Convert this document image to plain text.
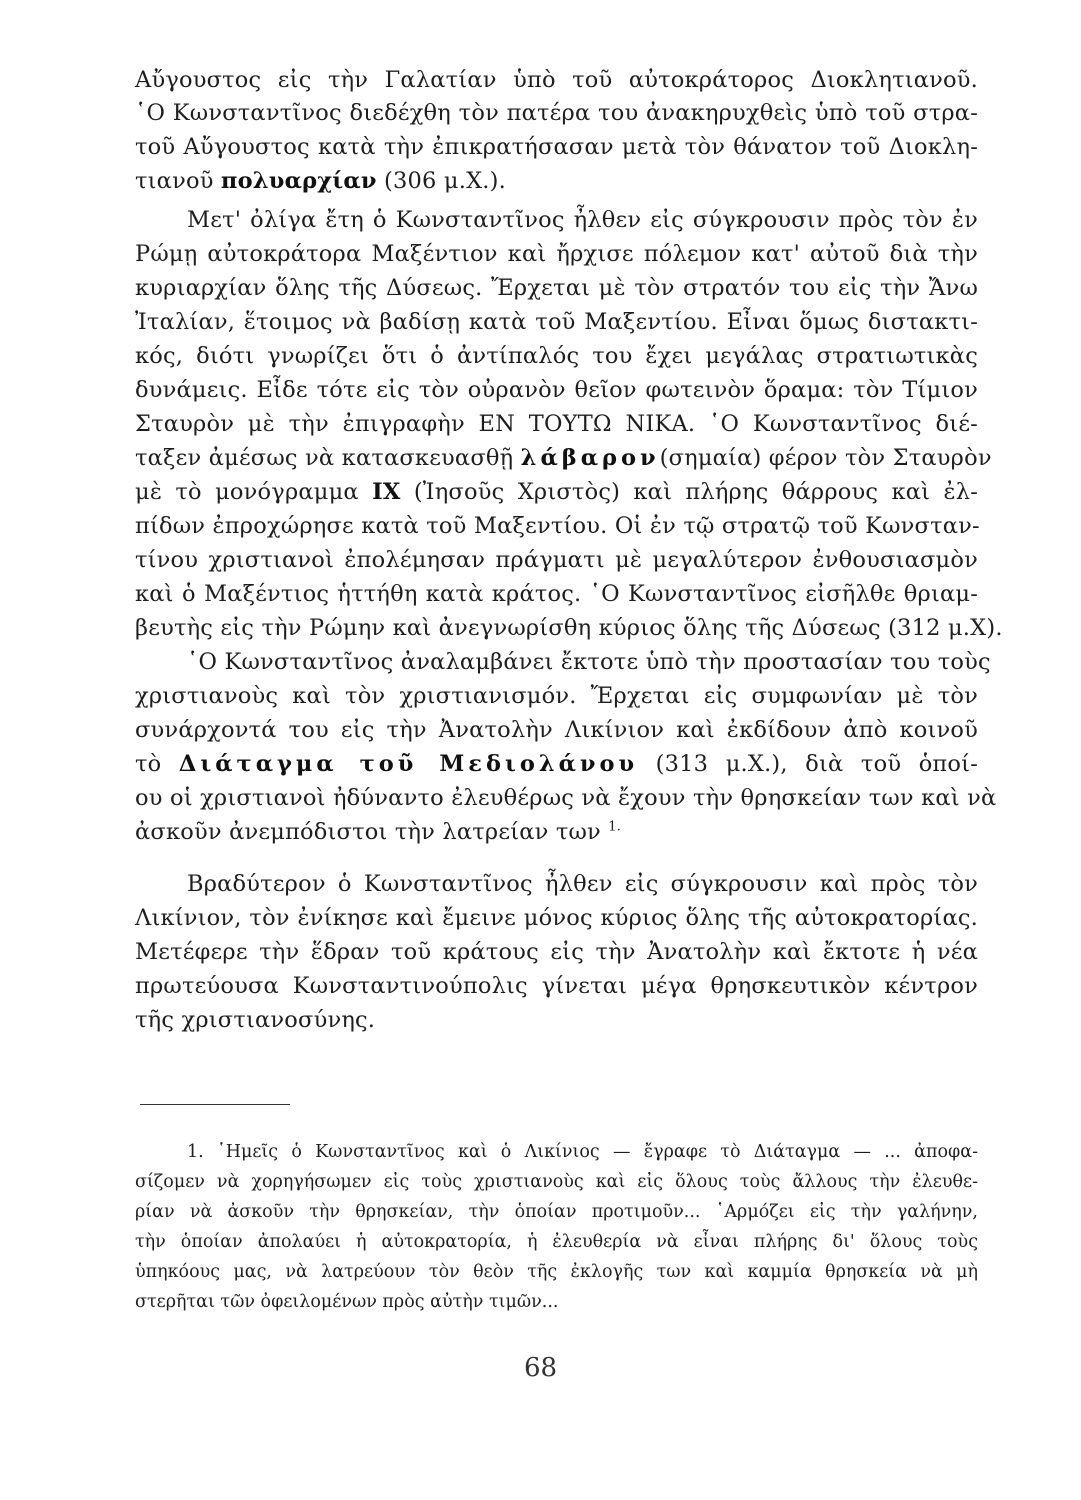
Αὔγουστος εἰς τὴν Γαλατίαν ὑπὸ τοῦ αὐτοκράτορος Διοκλητιανοῦ.
῾Ο Κωνσταντῖνος διεδέχθη τὸν πατέρα του ἀνακηρυχθεὶς ὑπὸ τοῦ στρα-
τοῦ Αὔγουστος κατὰ τὴν ἐπικρατήσασαν μετὰ τὸν θάνατον τοῦ Διοκλη-
τιανοῦ πολυαρχίαν (306 μ.Χ.).
Μετ' ὀλίγα ἔτη ὁ Κωνσταντῖνος ἦλθεν εἰς σύγκρουσιν πρὸς τὸν ἐν
Ρώμῃ αὐτοκράτορα Μαξέντιον καὶ ἤρχισε πόλεμον κατ' αὐτοῦ διὰ τὴν
κυριαρχίαν ὅλης τῆς Δύσεως. Ἔρχεται μὲ τὸν στρατόν του εἰς τὴν Ἄνω
Ἰταλίαν, ἕτοιμος νὰ βαδίσῃ κατὰ τοῦ Μαξεντίου. Εἶναι ὅμως διστακτι-
κός, διότι γνωρίζει ὅτι ὁ ἀντίπαλός του ἔχει μεγάλας στρατιωτικὰς
δυνάμεις. Εἶδε τότε εἰς τὸν οὐρανὸν θεῖον φωτεινὸν ὅραμα: τὸν Τίμιον
Σταυρὸν μὲ τὴν ἐπιγραφὴν ΕΝ ΤΟΥΤΩ ΝΙΚΑ. ῾Ο Κωνσταντῖνος διέ-
ταξεν ἀμέσως νὰ κατασκευασθῇ λάβαρον(σημαία) φέρον τὸν Σταυρὸν
μὲ τὸ μονόγραμμα IX (Ἰησοῦς Χριστὸς) καὶ πλήρης θάρρους καὶ ἐλ-
πίδων ἐπροχώρησε κατὰ τοῦ Μαξεντίου. Οἱ ἐν τῷ στρατῷ τοῦ Κωνσταν-
τίνου χριστιανοὶ ἐπολέμησαν πράγματι μὲ μεγαλύτερον ἐνθουσιασμὸν
καὶ ὁ Μαξέντιος ἡττήθη κατὰ κράτος. ῾Ο Κωνσταντῖνος εἰσῆλθε θριαμ-
βευτὴς εἰς τὴν Ρώμην καὶ ἀνεγνωρίσθη κύριος ὅλης τῆς Δύσεως (312 μ.Χ).
῾Ο Κωνσταντῖνος ἀναλαμβάνει ἔκτοτε ὑπὸ τὴν προστασίαν του τοὺς
χριστιανοὺς καὶ τὸν χριστιανισμόν. Ἔρχεται εἰς συμφωνίαν μὲ τὸν
συνάρχοντά του εἰς τὴν Ἀνατολὴν Λικίνιον καὶ ἐκδίδουν ἀπὸ κοινοῦ
τὸ Διάταγμα τοῦ Μεδιολάνου (313 μ.Χ.), διὰ τοῦ ὁποί-
ου οἱ χριστιανοὶ ἠδύναντο ἐλευθέρως νὰ ἔχουν τὴν θρησκείαν των καὶ νὰ
ἀσκοῦν ἀνεμπόδιστοι τὴν λατρείαν των $^{1.}$
Βραδύτερον ὁ Κωνσταντῖνος ἦλθεν εἰς σύγκρουσιν καὶ πρὸς τὸν
Λικίνιον, τὸν ἐνίκησε καὶ ἔμεινε μόνος κύριος ὅλης τῆς αὐτοκρατορίας.
Μετέφερε τὴν ἕδραν τοῦ κράτους εἰς τὴν Ἀνατολὴν καὶ ἔκτοτε ἡ νέα
πρωτεύουσα Κωνσταντινούπολις γίνεται μέγα θρησκευτικὸν κέντρον
τῆς χριστιανοσύνης.
1. ῾Ημεῖς ὁ Κωνσταντῖνος καὶ ὁ Λικίνιος — ἔγραφε τὸ Διάταγμα — ... ἀποφα-
σίζομεν νὰ χορηγήσωμεν εἰς τοὺς χριστιανοὺς καὶ εἰς ὅλους τοὺς ἄλλους τὴν ἐλευθε-
ρίαν νὰ ἀσκοῦν τὴν θρησκείαν, τὴν ὁποίαν προτιμοῦν... ῾Αρμόζει εἰς τὴν γαλήνην,
τὴν ὁποίαν ἀπολαύει ἡ αὐτοκρατορία, ἡ ἐλευθερία νὰ εἶναι πλήρης δι' ὅλους τοὺς
ὑπηκόους μας, νὰ λατρεύουν τὸν θεὸν τῆς ἐκλογῆς των καὶ καμμία θρησκεία νὰ μὴ
στερῆται τῶν ὀφειλομένων πρὸς αὐτὴν τιμῶν...
68
